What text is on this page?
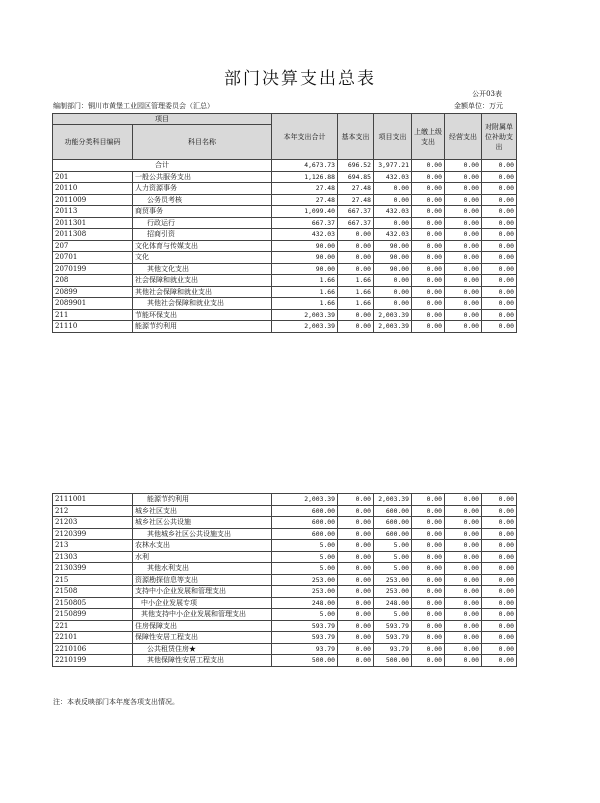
部门决算支出总表
公开03表
编制部门：铜川市黄堡工业园区管理委员会（汇总）	金额单位：万元
项目		本年支出合计	基本支出	项目支出	上缴上级支出	经营支出	对附属单位补助支出
功能分类科目编码	科目名称						
合计		4,673.73	696.52	3,977.21	0.00	0.00	0.00
201	一般公共服务支出	1,126.88	694.85	432.03	0.00	0.00	0.00
20110	人力资源事务	27.48	27.48	0.00	0.00	0.00	0.00
2011009	公务员考核	27.48	27.48	0.00	0.00	0.00	0.00
20113	商贸事务	1,099.40	667.37	432.03	0.00	0.00	0.00
2011301	行政运行	667.37	667.37	0.00	0.00	0.00	0.00
2011308	招商引资	432.03	0.00	432.03	0.00	0.00	0.00
207	文化体育与传媒支出	90.00	0.00	90.00	0.00	0.00	0.00
20701	文化	90.00	0.00	90.00	0.00	0.00	0.00
2070199	其他文化支出	90.00	0.00	90.00	0.00	0.00	0.00
208	社会保障和就业支出	1.66	1.66	0.00	0.00	0.00	0.00
20899	其他社会保障和就业支出	1.66	1.66	0.00	0.00	0.00	0.00
2089901	其他社会保障和就业支出	1.66	1.66	0.00	0.00	0.00	0.00
211	节能环保支出	2,003.39	0.00	2,003.39	0.00	0.00	0.00
21110	能源节约利用	2,003.39	0.00	2,003.39	0.00	0.00	0.00
2111001	能源节约利用	2,003.39	0.00	2,003.39	0.00	0.00	0.00
212	城乡社区支出	600.00	0.00	600.00	0.00	0.00	0.00
21203	城乡社区公共设施	600.00	0.00	600.00	0.00	0.00	0.00
2120399	其他城乡社区公共设施支出	600.00	0.00	600.00	0.00	0.00	0.00
213	农林水支出	5.00	0.00	5.00	0.00	0.00	0.00
21303	水利	5.00	0.00	5.00	0.00	0.00	0.00
2130399	其他水利支出	5.00	0.00	5.00	0.00	0.00	0.00
215	资源勘探信息等支出	253.00	0.00	253.00	0.00	0.00	0.00
21508	支持中小企业发展和管理支出	253.00	0.00	253.00	0.00	0.00	0.00
2150805	中小企业发展专项	248.00	0.00	248.00	0.00	0.00	0.00
2150899	其他支持中小企业发展和管理支出	5.00	0.00	5.00	0.00	0.00	0.00
221	住房保障支出	593.79	0.00	593.79	0.00	0.00	0.00
22101	保障性安居工程支出	593.79	0.00	593.79	0.00	0.00	0.00
2210106	公共租赁住房★	93.79	0.00	93.79	0.00	0.00	0.00
2210199	其他保障性安居工程支出	500.00	0.00	500.00	0.00	0.00	0.00
注：本表反映部门本年度各项支出情况。
